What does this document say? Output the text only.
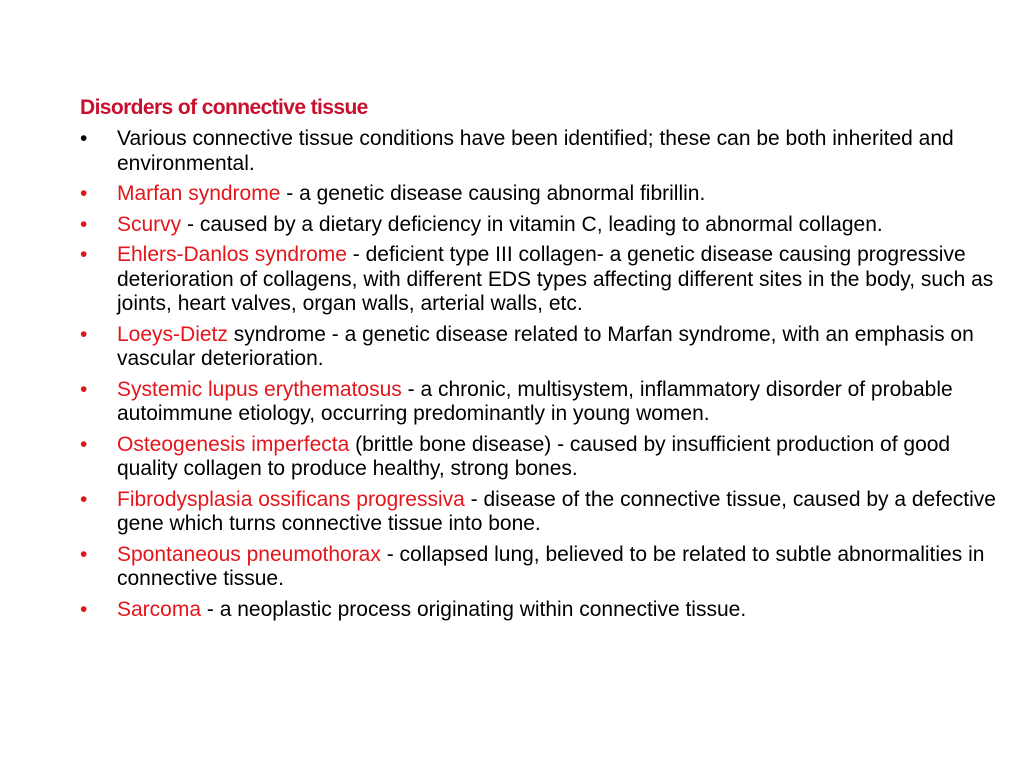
Disorders of connective tissue
•	Various connective tissue conditions have been identified; these can be both inherited and environmental.
•	Marfan syndrome - a genetic disease causing abnormal fibrillin.
•	Scurvy - caused by a dietary deficiency in vitamin C, leading to abnormal collagen.
•	Ehlers-Danlos syndrome - deficient type III collagen- a genetic disease causing progressive deterioration of collagens, with different EDS types affecting different sites in the body, such as joints, heart valves, organ walls, arterial walls, etc.
•	Loeys-Dietz syndrome - a genetic disease related to Marfan syndrome, with an emphasis on vascular deterioration.
•	Systemic lupus erythematosus - a chronic, multisystem, inflammatory disorder of probable autoimmune etiology, occurring predominantly in young women.
•	Osteogenesis imperfecta (brittle bone disease) - caused by insufficient production of good quality collagen to produce healthy, strong bones.
•	Fibrodysplasia ossificans progressiva - disease of the connective tissue, caused by a defective gene which turns connective tissue into bone.
•	Spontaneous pneumothorax - collapsed lung, believed to be related to subtle abnormalities in connective tissue.
•	Sarcoma - a neoplastic process originating within connective tissue.
